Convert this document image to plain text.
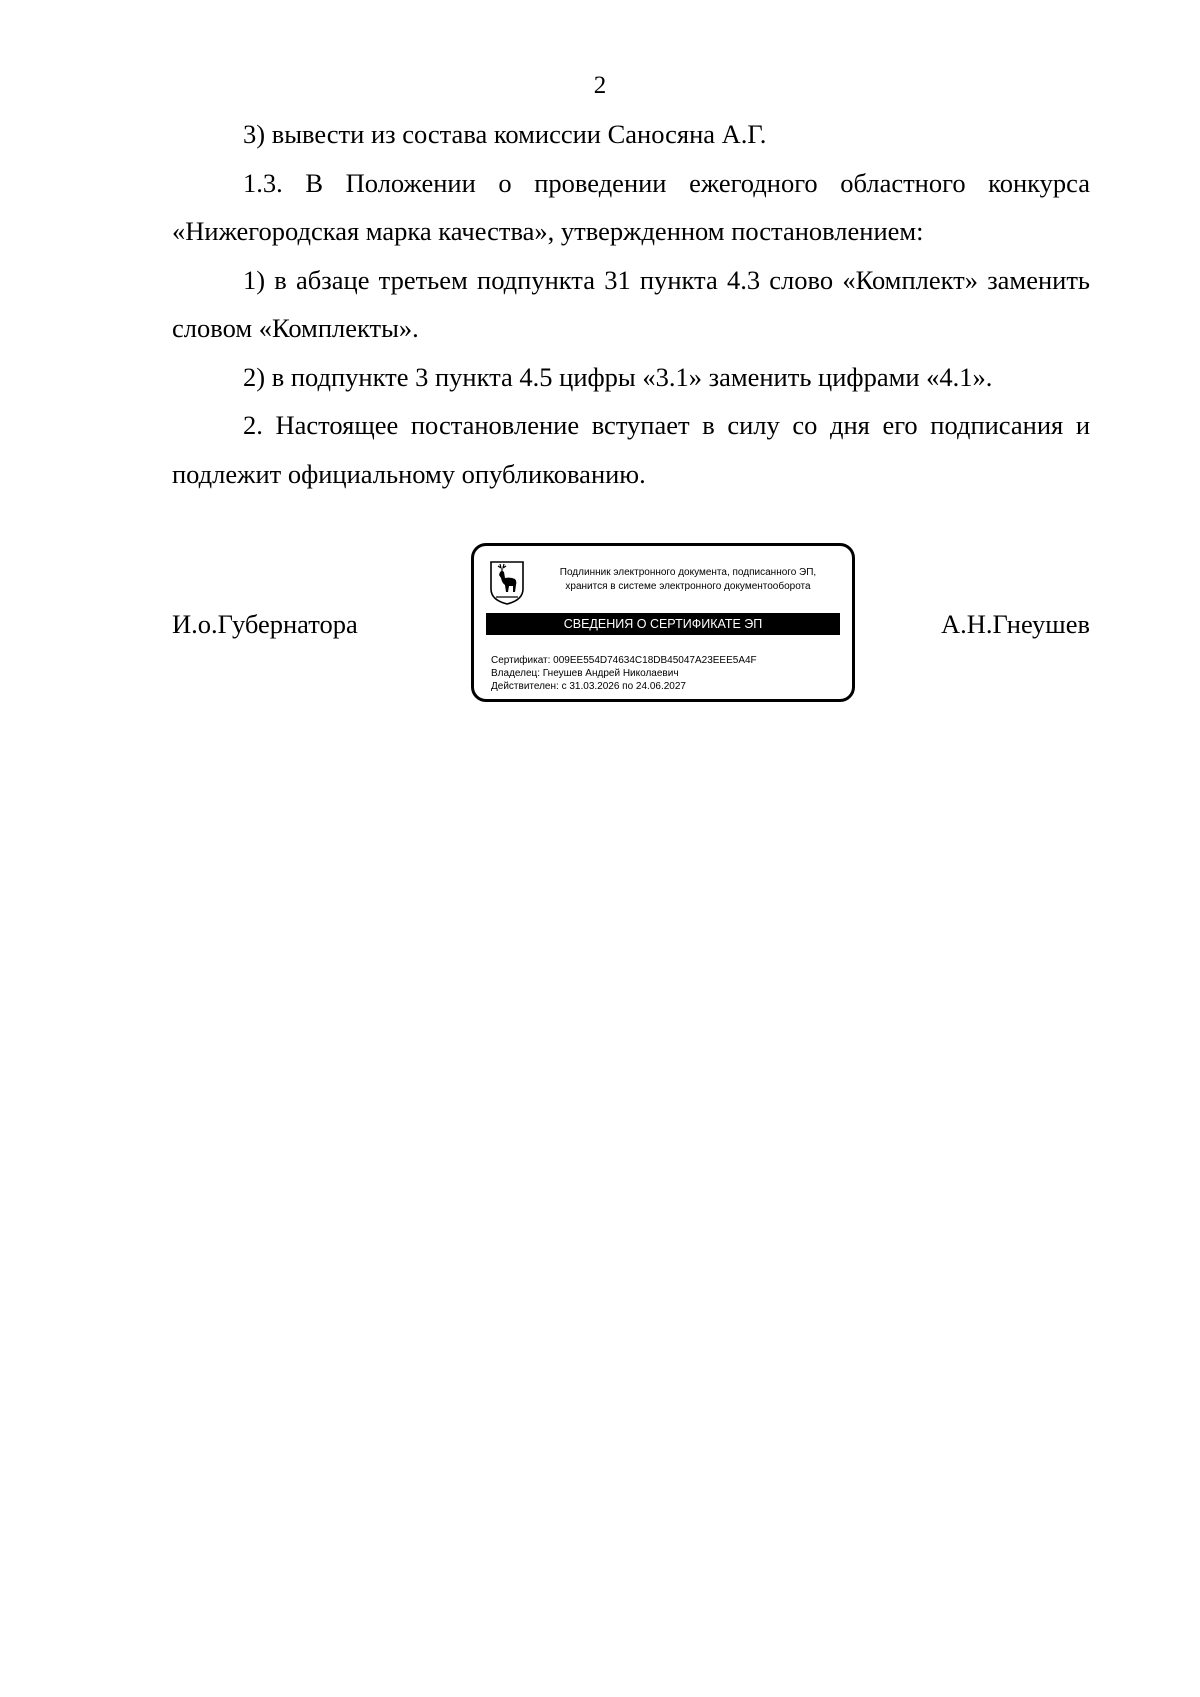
2

3) вывести из состава комиссии Саносяна А.Г.

1.3. В Положении о проведении ежегодного областного конкурса «Нижегородская марка качества», утвержденном постановлением:

1) в абзаце третьем подпункта 31 пункта 4.3 слово «Комплект» заменить словом «Комплекты».

2) в подпункте 3 пункта 4.5 цифры «3.1» заменить цифрами «4.1».

2. Настоящее постановление вступает в силу со дня его подписания и подлежит официальному опубликованию.

И.о.Губернатора
Подлинник электронного документа, подписанного ЭП,
хранится в системе электронного документооборота
СВЕДЕНИЯ О СЕРТИФИКАТЕ ЭП
Сертификат: 009EE554D74634C18DB45047A23EEE5A4F
Владелец: Гнеушев Андрей Николаевич
Действителен: с 31.03.2026 по 24.06.2027
А.Н.Гнеушев
